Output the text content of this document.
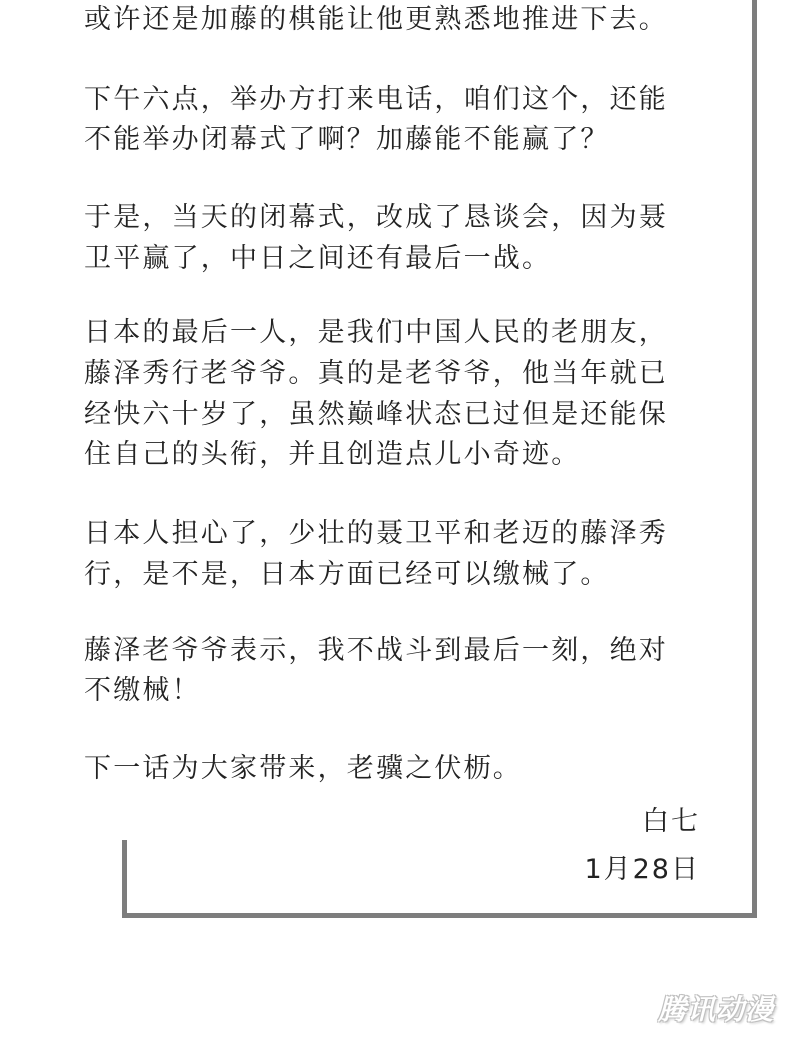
或许还是加藤的棋能让他更熟悉地推进下去。
下午六点，举办方打来电话，咱们这个，还能
不能举办闭幕式了啊？加藤能不能赢了？
于是，当天的闭幕式，改成了恳谈会，因为聂
卫平赢了，中日之间还有最后一战。
日本的最后一人，是我们中国人民的老朋友，
藤泽秀行老爷爷。真的是老爷爷，他当年就已
经快六十岁了，虽然巅峰状态已过但是还能保
住自己的头衔，并且创造点儿小奇迹。
日本人担心了，少壮的聂卫平和老迈的藤泽秀
行，是不是，日本方面已经可以缴械了。
藤泽老爷爷表示，我不战斗到最后一刻，绝对
不缴械！
下一话为大家带来，老骥之伏枥。
白七
1月28日
腾讯动漫
